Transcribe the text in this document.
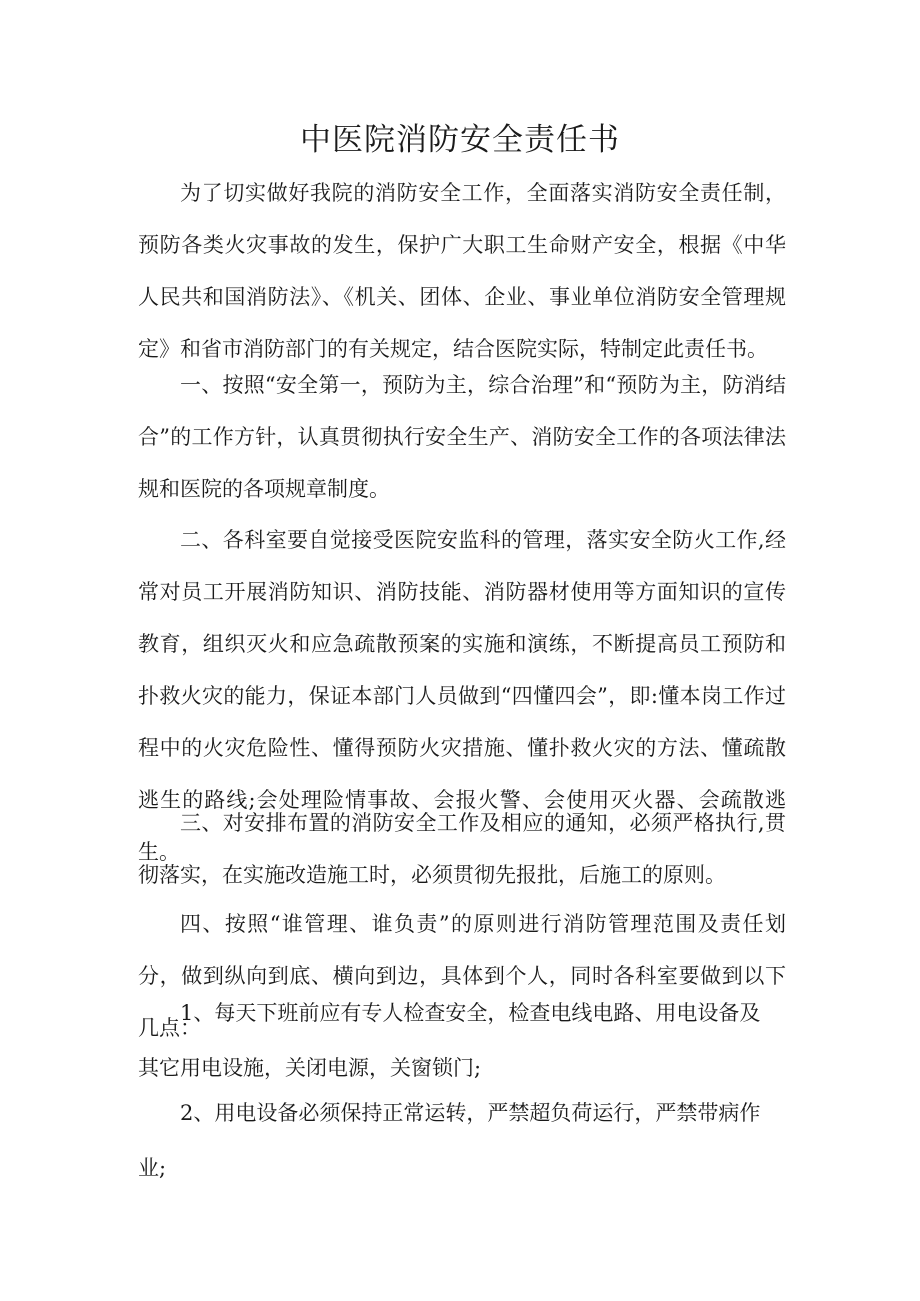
中医院消防安全责任书

为了切实做好我院的消防安全工作，全面落实消防安全责任制，预防各类火灾事故的发生，保护广大职工生命财产安全，根据《中华人民共和国消防法》、《机关、团体、企业、事业单位消防安全管理规定》和省市消防部门的有关规定，结合医院实际，特制定此责任书。

一、按照“安全第一，预防为主，综合治理”和“预防为主，防消结合”的工作方针，认真贯彻执行安全生产、消防安全工作的各项法律法规和医院的各项规章制度。

二、各科室要自觉接受医院安监科的管理，落实安全防火工作,经常对员工开展消防知识、消防技能、消防器材使用等方面知识的宣传教育，组织灭火和应急疏散预案的实施和演练，不断提高员工预防和扑救火灾的能力，保证本部门人员做到“四懂四会”，即:懂本岗工作过程中的火灾危险性、懂得预防火灾措施、懂扑救火灾的方法、懂疏散逃生的路线;会处理险情事故、会报火警、会使用灭火器、会疏散逃生。

三、对安排布置的消防安全工作及相应的通知，必须严格执行,贯彻落实，在实施改造施工时，必须贯彻先报批，后施工的原则。

四、按照“谁管理、谁负责”的原则进行消防管理范围及责任划分，做到纵向到底、横向到边，具体到个人，同时各科室要做到以下几点：

1、每天下班前应有专人检查安全，检查电线电路、用电设备及

其它用电设施，关闭电源，关窗锁门;

2、用电设备必须保持正常运转，严禁超负荷运行，严禁带病作

业;
